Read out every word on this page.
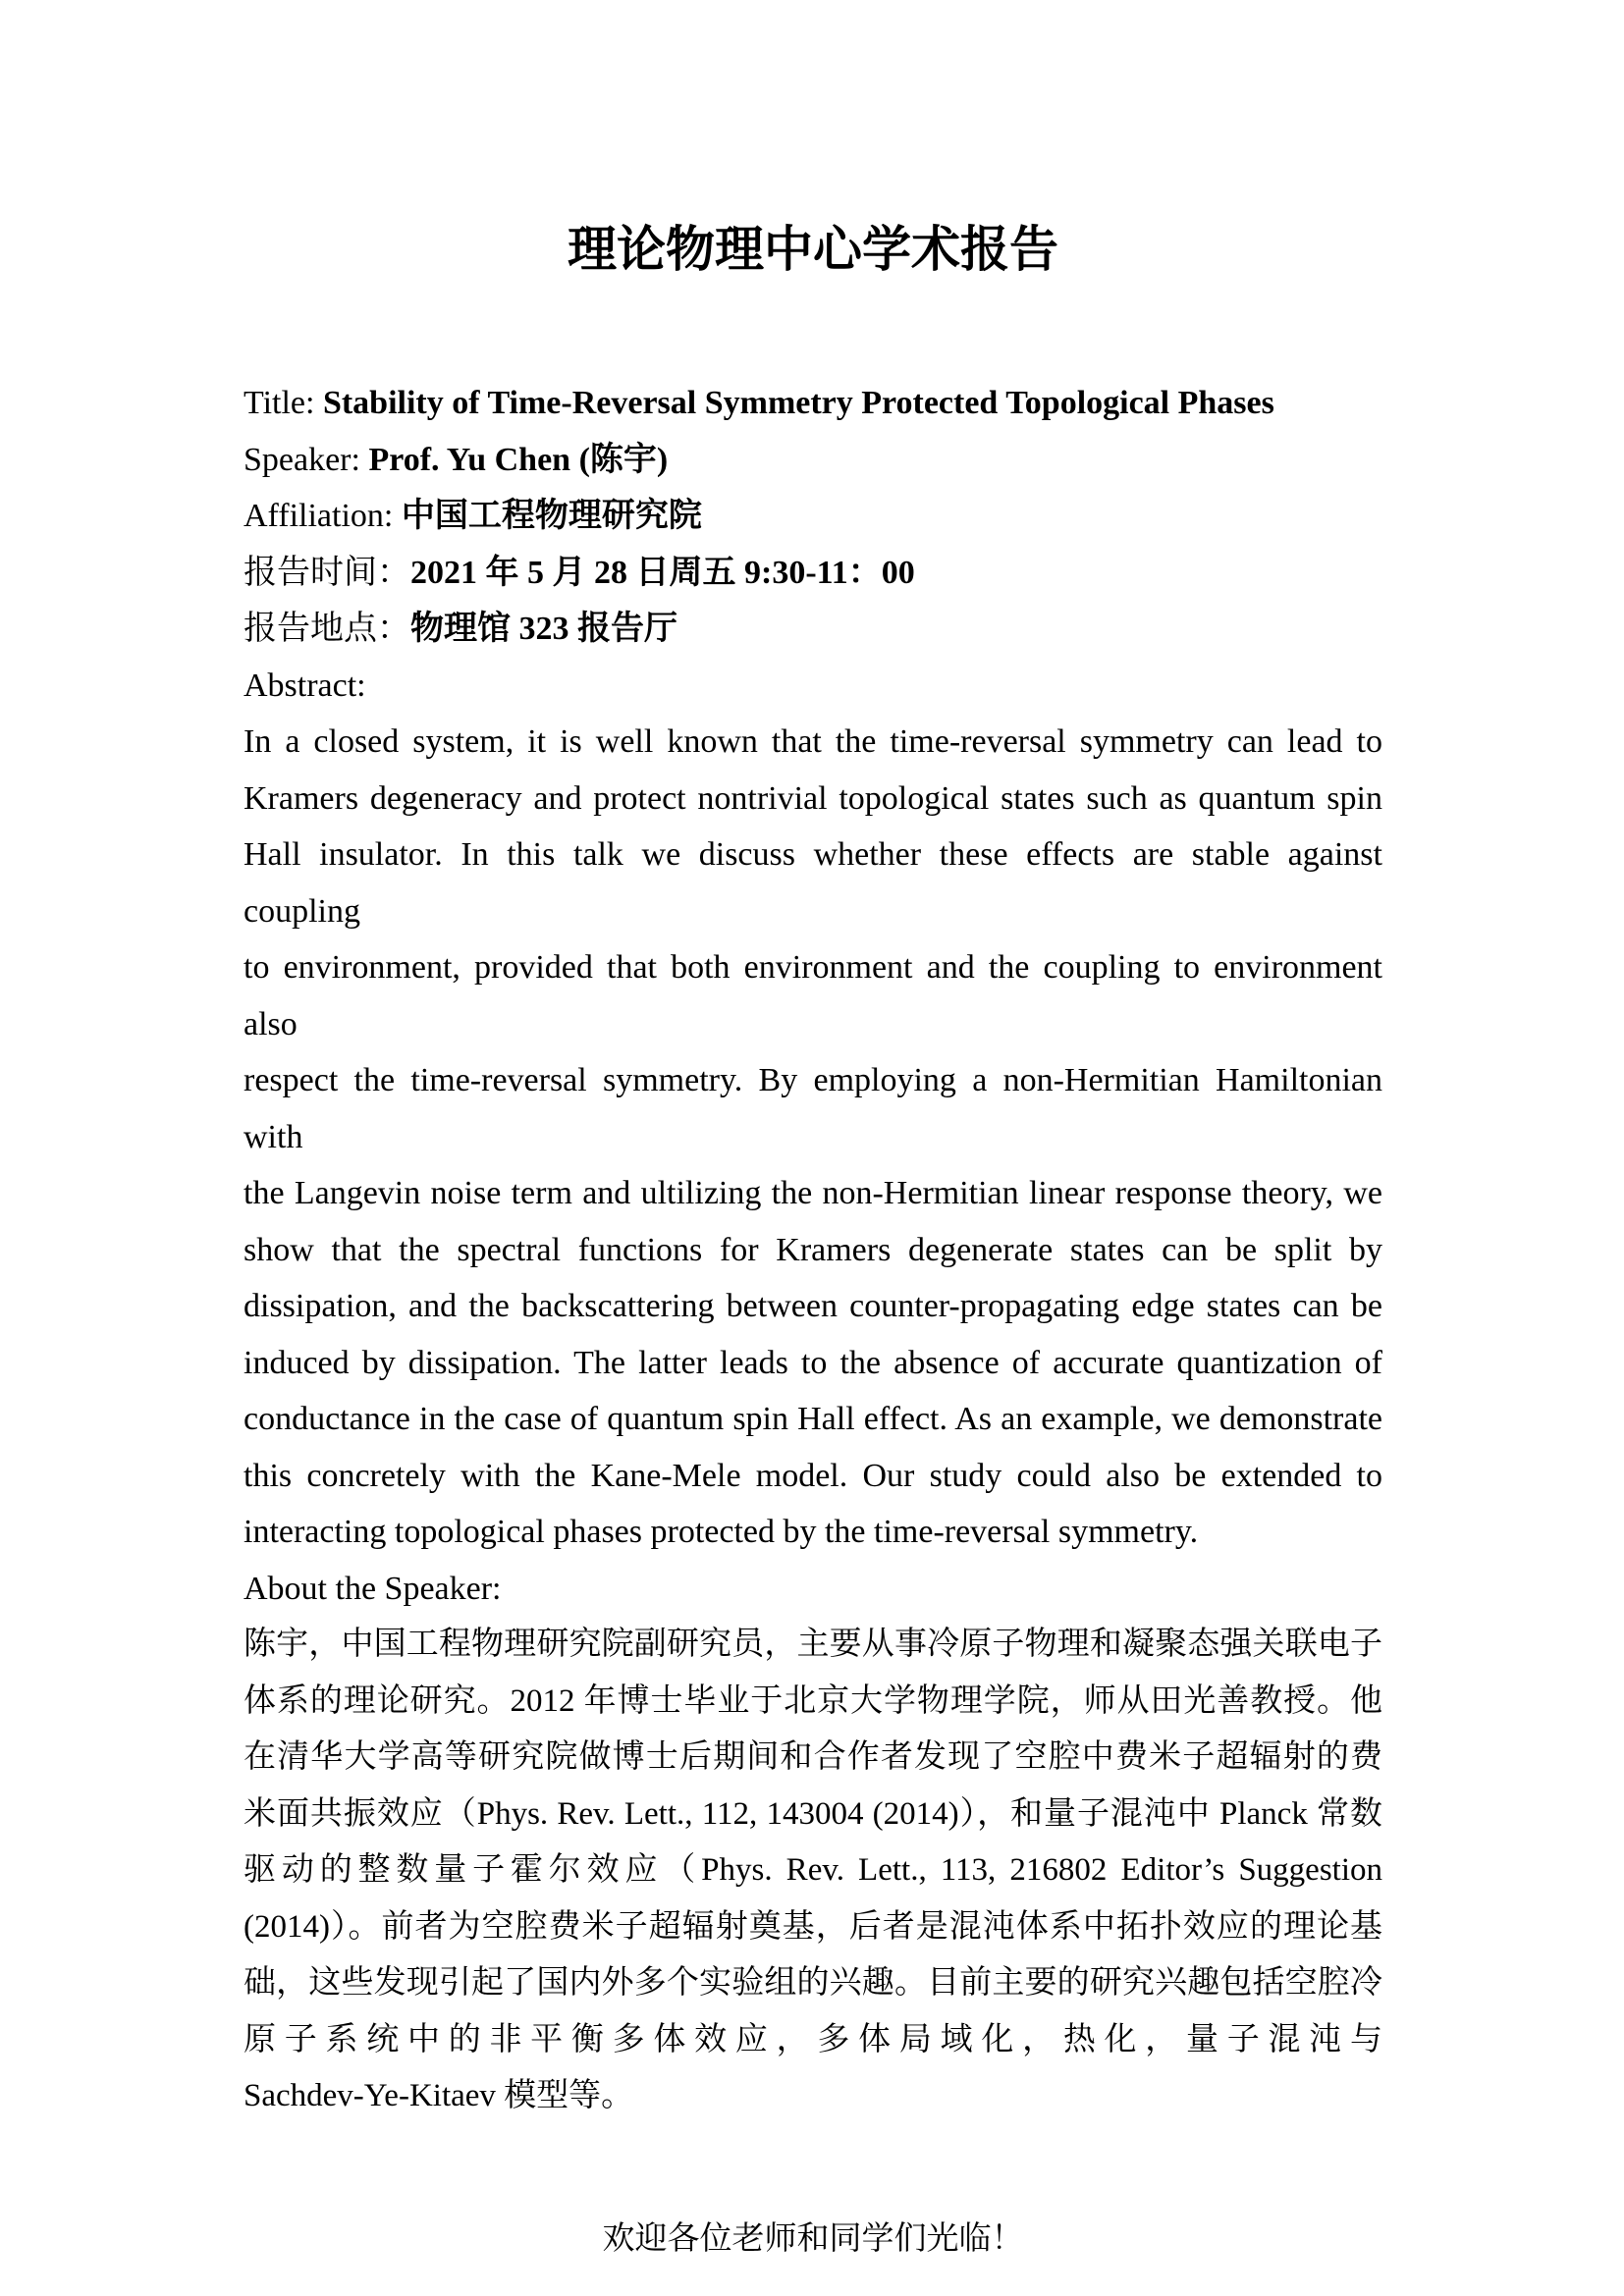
理论物理中心学术报告
Title: Stability of Time-Reversal Symmetry Protected Topological Phases
Speaker: Prof. Yu Chen (陈宇)
Affiliation: 中国工程物理研究院
报告时间：2021 年 5 月 28 日周五 9:30-11：00
报告地点：物理馆 323 报告厅
Abstract:
In a closed system, it is well known that the time-reversal symmetry can lead to
Kramers degeneracy and protect nontrivial topological states such as quantum spin
Hall insulator. In this talk we discuss whether these effects are stable against coupling
to environment, provided that both environment and the coupling to environment also
respect the time-reversal symmetry. By employing a non-Hermitian Hamiltonian with
the Langevin noise term and ultilizing the non-Hermitian linear response theory, we
show that the spectral functions for Kramers degenerate states can be split by
dissipation, and the backscattering between counter-propagating edge states can be
induced by dissipation. The latter leads to the absence of accurate quantization of
conductance in the case of quantum spin Hall effect. As an example, we demonstrate
this concretely with the Kane-Mele model. Our study could also be extended to
interacting topological phases protected by the time-reversal symmetry.
About the Speaker:
陈宇，中国工程物理研究院副研究员，主要从事冷原子物理和凝聚态强关联电子
体系的理论研究。2012 年博士毕业于北京大学物理学院，师从田光善教授。他
在清华大学高等研究院做博士后期间和合作者发现了空腔中费米子超辐射的费
米面共振效应（Phys. Rev. Lett., 112, 143004 (2014)），和量子混沌中 Planck 常数
驱动的整数量子霍尔效应（Phys. Rev. Lett., 113, 216802 Editor’s Suggestion
(2014)）。前者为空腔费米子超辐射奠基，后者是混沌体系中拓扑效应的理论基
础，这些发现引起了国内外多个实验组的兴趣。目前主要的研究兴趣包括空腔冷
原子系统中的非平衡多体效应，多体局域化，热化，量子混沌与
Sachdev-Ye-Kitaev 模型等。
欢迎各位老师和同学们光临！
